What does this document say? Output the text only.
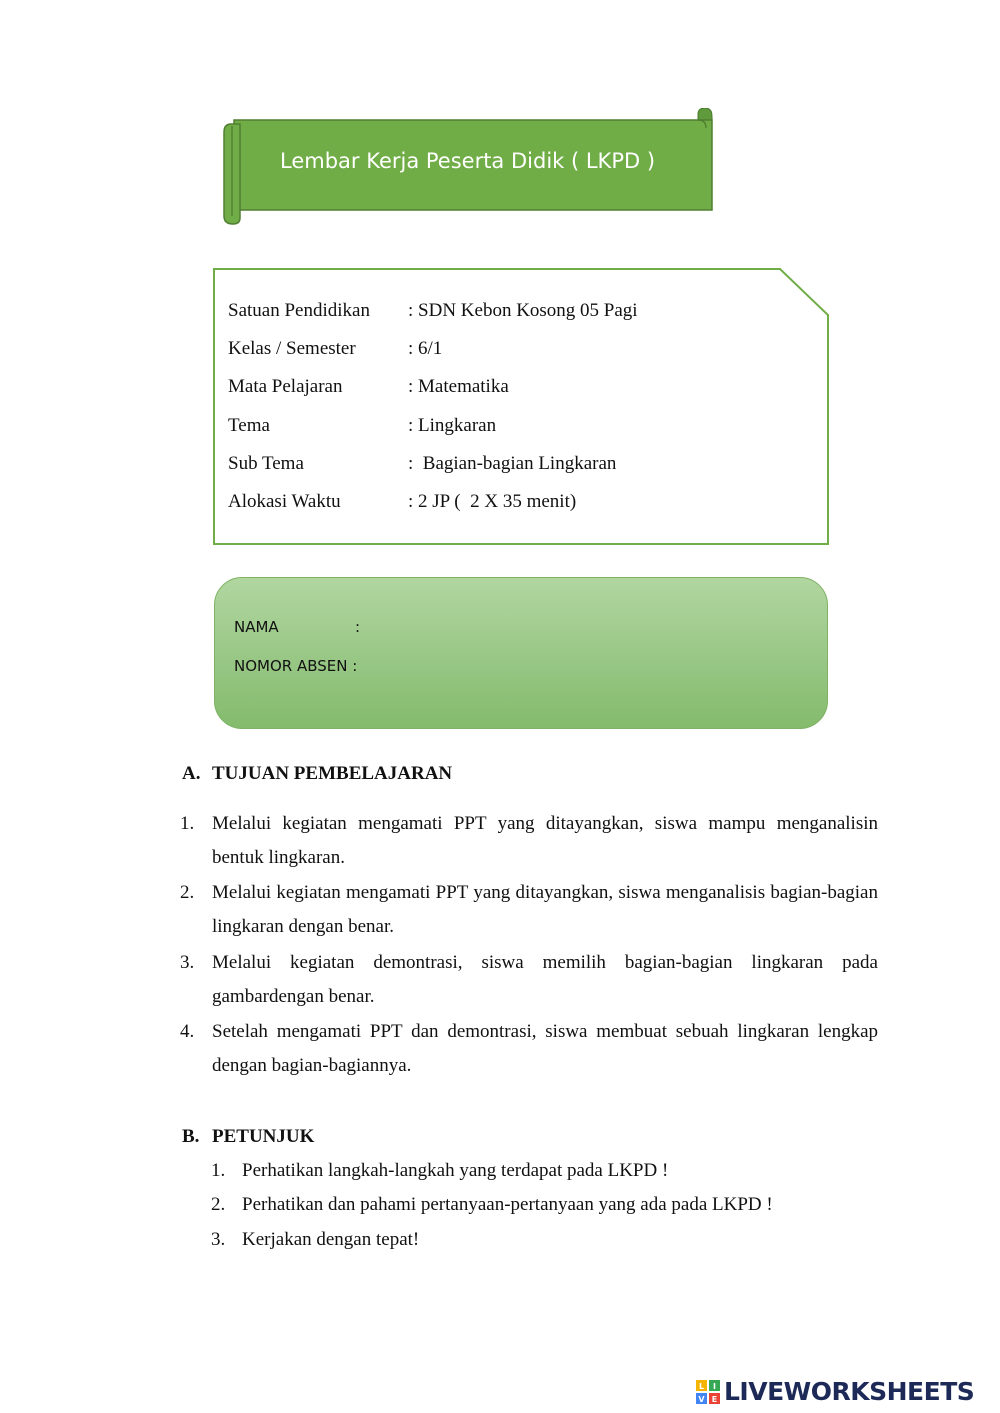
Lembar Kerja Peserta Didik ( LKPD )
Satuan Pendidikan : SDN Kebon Kosong 05 Pagi
Kelas / Semester	: 6/1
Mata Pelajaran	: Matematika
Tema	: Lingkaran
Sub Tema	:  Bagian-bagian Lingkaran
Alokasi Waktu	: 2 JP (  2 X 35 menit)
NAMA	:
NOMOR ABSEN :
A. TUJUAN PEMBELAJARAN
1. Melalui kegiatan mengamati PPT yang ditayangkan, siswa mampu menganalisin bentuk lingkaran.
2. Melalui kegiatan mengamati PPT yang ditayangkan, siswa menganalisis bagian-bagian lingkaran dengan benar.
3. Melalui kegiatan demontrasi, siswa memilih bagian-bagian lingkaran pada gambardengan benar.
4. Setelah mengamati PPT dan demontrasi, siswa membuat sebuah lingkaran lengkap dengan bagian-bagiannya.
B. PETUNJUK
1. Perhatikan langkah-langkah yang terdapat pada LKPD !
2. Perhatikan dan pahami pertanyaan-pertanyaan yang ada pada LKPD !
3. Kerjakan dengan tepat!
L I
V E LIVEWORKSHEETS
